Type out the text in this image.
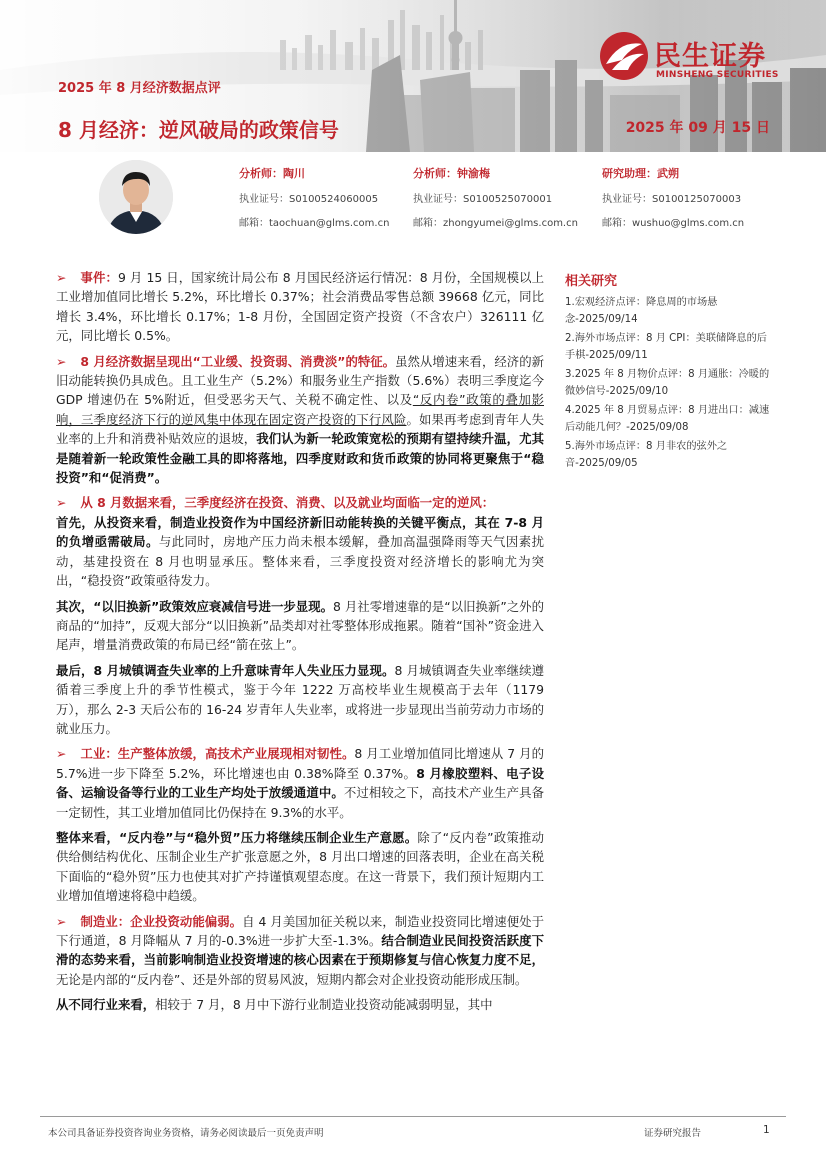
民生证券
MINSHENG SECURITIES
2025 年 8 月经济数据点评
8 月经济：逆风破局的政策信号	2025 年 09 月 15 日
分析师：陶川
执业证号：S0100524060005
邮箱：taochuan@glms.com.cn
分析师：钟渝梅
执业证号：S0100525070001
邮箱：zhongyumei@glms.com.cn
研究助理：武朔
执业证号：S0100125070003
邮箱：wushuo@glms.com.cn

➢ 事件：9 月 15 日，国家统计局公布 8 月国民经济运行情况：8 月份，全国规模以上工业增加值同比增长 5.2%，环比增长 0.37%；社会消费品零售总额 39668 亿元，同比增长 3.4%，环比增长 0.17%；1-8 月份，全国固定资产投资（不含农户）326111 亿元，同比增长 0.5%。

➢ 8 月经济数据呈现出“工业缓、投资弱、消费淡”的特征。虽然从增速来看，经济的新旧动能转换仍具成色。且工业生产（5.2%）和服务业生产指数（5.6%）表明三季度迄今 GDP 增速仍在 5%附近，但受恶劣天气、关税不确定性、以及“反内卷”政策的叠加影响，三季度经济下行的逆风集中体现在固定资产投资的下行风险。如果再考虑到青年人失业率的上升和消费补贴效应的退坡，我们认为新一轮政策宽松的预期有望持续升温，尤其是随着新一轮政策性金融工具的即将落地，四季度财政和货币政策的协同将更聚焦于“稳投资”和“促消费”。

➢ 从 8 月数据来看，三季度经济在投资、消费、以及就业均面临一定的逆风：
首先，从投资来看，制造业投资作为中国经济新旧动能转换的关键平衡点，其在 7-8 月的负增亟需破局。与此同时，房地产压力尚未根本缓解，叠加高温强降雨等天气因素扰动，基建投资在 8 月也明显承压。整体来看，三季度投资对经济增长的影响尤为突出，“稳投资”政策亟待发力。

其次，“以旧换新”政策效应衰减信号进一步显现。8 月社零增速靠的是“以旧换新”之外的商品的“加持”，反观大部分“以旧换新”品类却对社零整体形成拖累。随着“国补”资金进入尾声，增量消费政策的布局已经“箭在弦上”。

最后，8 月城镇调查失业率的上升意味青年人失业压力显现。8 月城镇调查失业率继续遵循着三季度上升的季节性模式，鉴于今年 1222 万高校毕业生规模高于去年（1179 万），那么 2-3 天后公布的 16-24 岁青年人失业率，或将进一步显现出当前劳动力市场的就业压力。

➢ 工业：生产整体放缓，高技术产业展现相对韧性。8 月工业增加值同比增速从 7 月的 5.7%进一步下降至 5.2%，环比增速也由 0.38%降至 0.37%。8 月橡胶塑料、电子设备、运输设备等行业的工业生产均处于放缓通道中。不过相较之下，高技术产业生产具备一定韧性，其工业增加值同比仍保持在 9.3%的水平。

整体来看，“反内卷”与“稳外贸”压力将继续压制企业生产意愿。除了“反内卷”政策推动供给侧结构优化、压制企业生产扩张意愿之外，8 月出口增速的回落表明，企业在高关税下面临的“稳外贸”压力也使其对扩产持谨慎观望态度。在这一背景下，我们预计短期内工业增加值增速将稳中趋缓。

➢ 制造业：企业投资动能偏弱。自 4 月美国加征关税以来，制造业投资同比增速便处于下行通道，8 月降幅从 7 月的-0.3%进一步扩大至-1.3%。结合制造业民间投资活跃度下滑的态势来看，当前影响制造业投资增速的核心因素在于预期修复与信心恢复力度不足，无论是内部的“反内卷”、还是外部的贸易风波，短期内都会对企业投资动能形成压制。

从不同行业来看，相较于 7 月，8 月中下游行业制造业投资动能减弱明显，其中

相关研究
1.宏观经济点评：降息周的市场悬念-2025/09/14
2.海外市场点评：8 月 CPI：美联储降息的后手棋-2025/09/11
3.2025 年 8 月物价点评：8 月通胀：冷暖的微妙信号-2025/09/10
4.2025 年 8 月贸易点评：8 月进出口：减速后动能几何？-2025/09/08
5.海外市场点评：8 月非农的弦外之音-2025/09/05
本公司具备证券投资咨询业务资格，请务必阅读最后一页免责声明	证券研究报告	1
